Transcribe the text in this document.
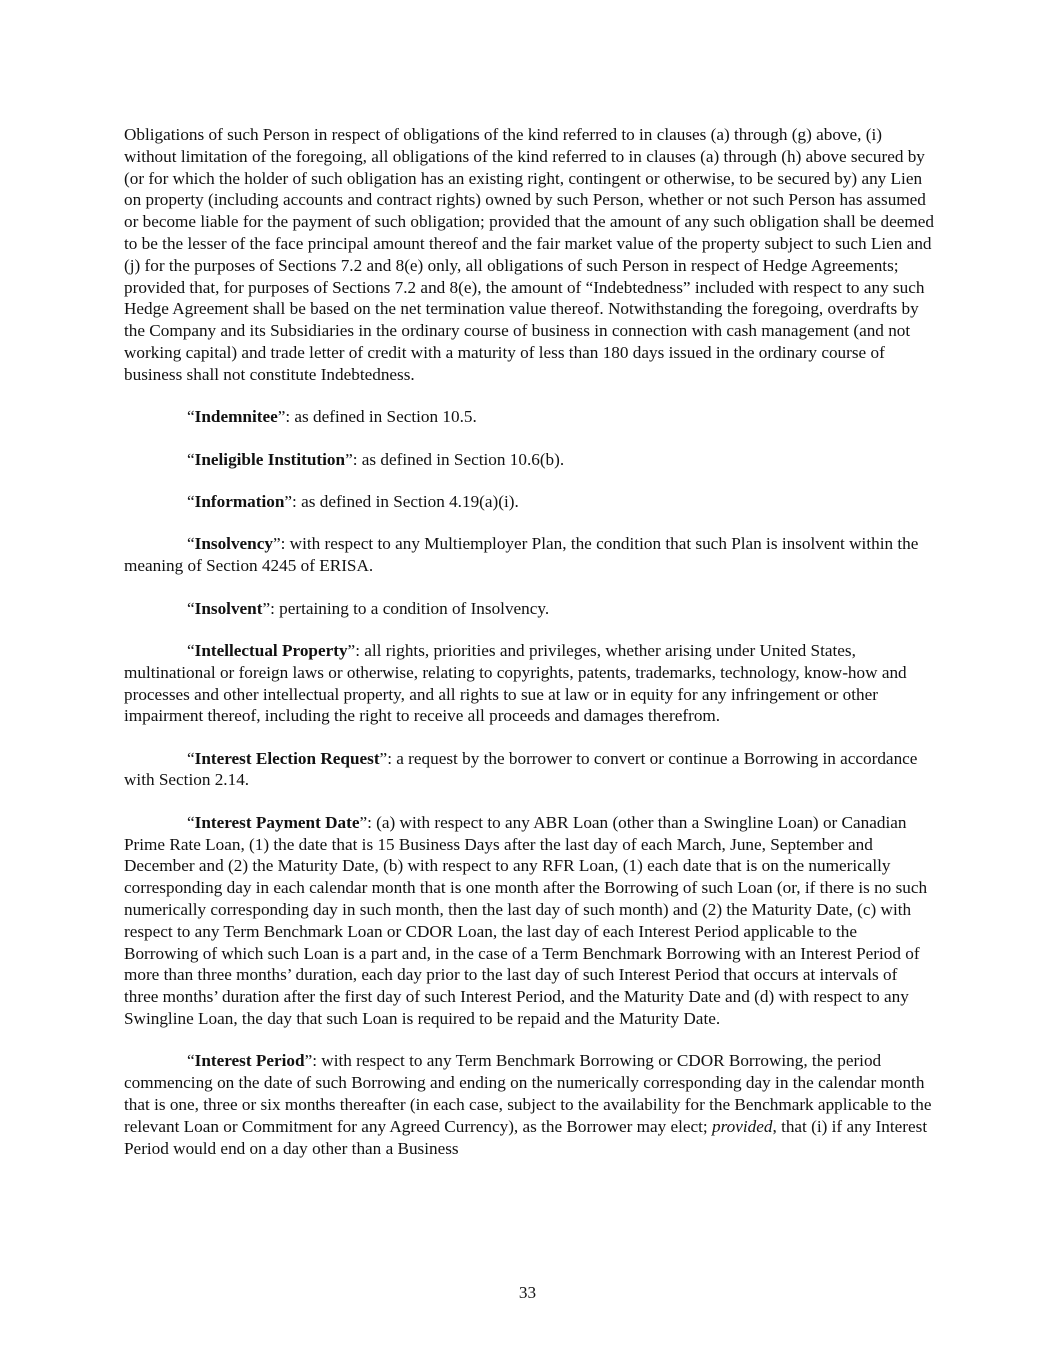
Obligations of such Person in respect of obligations of the kind referred to in clauses (a) through (g) above, (i) without limitation of the foregoing, all obligations of the kind referred to in clauses (a) through (h) above secured by (or for which the holder of such obligation has an existing right, contingent or otherwise, to be secured by) any Lien on property (including accounts and contract rights) owned by such Person, whether or not such Person has assumed or become liable for the payment of such obligation; provided that the amount of any such obligation shall be deemed to be the lesser of the face principal amount thereof and the fair market value of the property subject to such Lien and (j) for the purposes of Sections 7.2 and 8(e) only, all obligations of such Person in respect of Hedge Agreements; provided that, for purposes of Sections 7.2 and 8(e), the amount of “Indebtedness” included with respect to any such Hedge Agreement shall be based on the net termination value thereof. Notwithstanding the foregoing, overdrafts by the Company and its Subsidiaries in the ordinary course of business in connection with cash management (and not working capital) and trade letter of credit with a maturity of less than 180 days issued in the ordinary course of business shall not constitute Indebtedness.

“Indemnitee”: as defined in Section 10.5.

“Ineligible Institution”: as defined in Section 10.6(b).

“Information”: as defined in Section 4.19(a)(i).

“Insolvency”: with respect to any Multiemployer Plan, the condition that such Plan is insolvent within the meaning of Section 4245 of ERISA.

“Insolvent”: pertaining to a condition of Insolvency.

“Intellectual Property”: all rights, priorities and privileges, whether arising under United States, multinational or foreign laws or otherwise, relating to copyrights, patents, trademarks, technology, know-how and processes and other intellectual property, and all rights to sue at law or in equity for any infringement or other impairment thereof, including the right to receive all proceeds and damages therefrom.

“Interest Election Request”: a request by the borrower to convert or continue a Borrowing in accordance with Section 2.14.

“Interest Payment Date”: (a) with respect to any ABR Loan (other than a Swingline Loan) or Canadian Prime Rate Loan, (1) the date that is 15 Business Days after the last day of each March, June, September and December and (2) the Maturity Date, (b) with respect to any RFR Loan, (1) each date that is on the numerically corresponding day in each calendar month that is one month after the Borrowing of such Loan (or, if there is no such numerically corresponding day in such month, then the last day of such month) and (2) the Maturity Date, (c) with respect to any Term Benchmark Loan or CDOR Loan, the last day of each Interest Period applicable to the Borrowing of which such Loan is a part and, in the case of a Term Benchmark Borrowing with an Interest Period of more than three months’ duration, each day prior to the last day of such Interest Period that occurs at intervals of three months’ duration after the first day of such Interest Period, and the Maturity Date and (d) with respect to any Swingline Loan, the day that such Loan is required to be repaid and the Maturity Date.

“Interest Period”: with respect to any Term Benchmark Borrowing or CDOR Borrowing, the period commencing on the date of such Borrowing and ending on the numerically corresponding day in the calendar month that is one, three or six months thereafter (in each case, subject to the availability for the Benchmark applicable to the relevant Loan or Commitment for any Agreed Currency), as the Borrower may elect; provided, that (i) if any Interest Period would end on a day other than a Business

33
